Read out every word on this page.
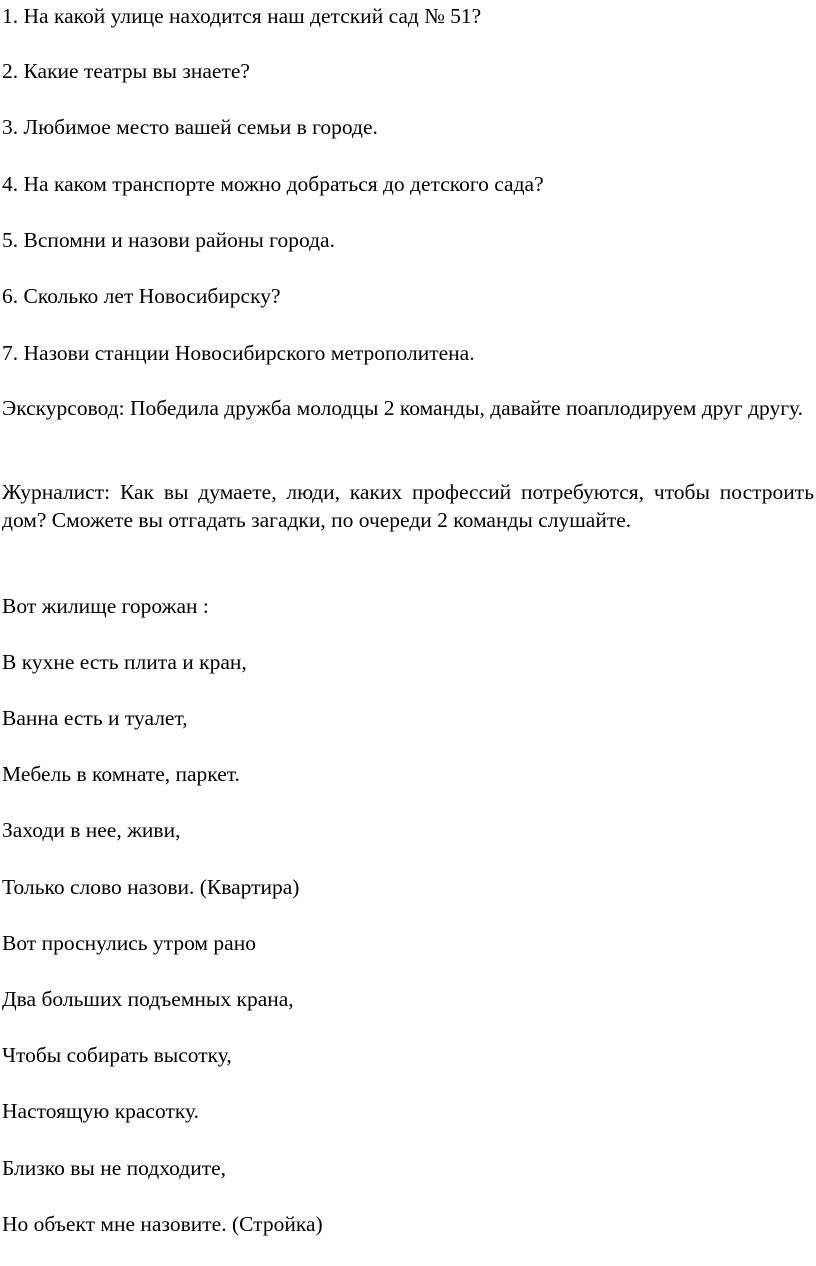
1. На какой улице находится наш детский сад № 51?
2. Какие театры вы знаете?
3. Любимое место вашей семьи в городе.
4. На каком транспорте можно добраться до детского сада?
5. Вспомни и назови районы города.
6. Сколько лет Новосибирску?
7. Назови станции Новосибирского метрополитена.
Экскурсовод: Победила дружба молодцы 2 команды, давайте поаплодируем друг другу.
Журналист: Как вы думаете, люди, каких профессий потребуются, чтобы построить дом? Сможете вы отгадать загадки, по очереди 2 команды слушайте.
Вот жилище горожан :
В кухне есть плита и кран,
Ванна есть и туалет,
Мебель в комнате, паркет.
Заходи в нее, живи,
Только слово назови. (Квартира)
Вот проснулись утром рано
Два больших подъемных крана,
Чтобы собирать высотку,
Настоящую красотку.
Близко вы не подходите,
Но объект мне назовите. (Стройка)
